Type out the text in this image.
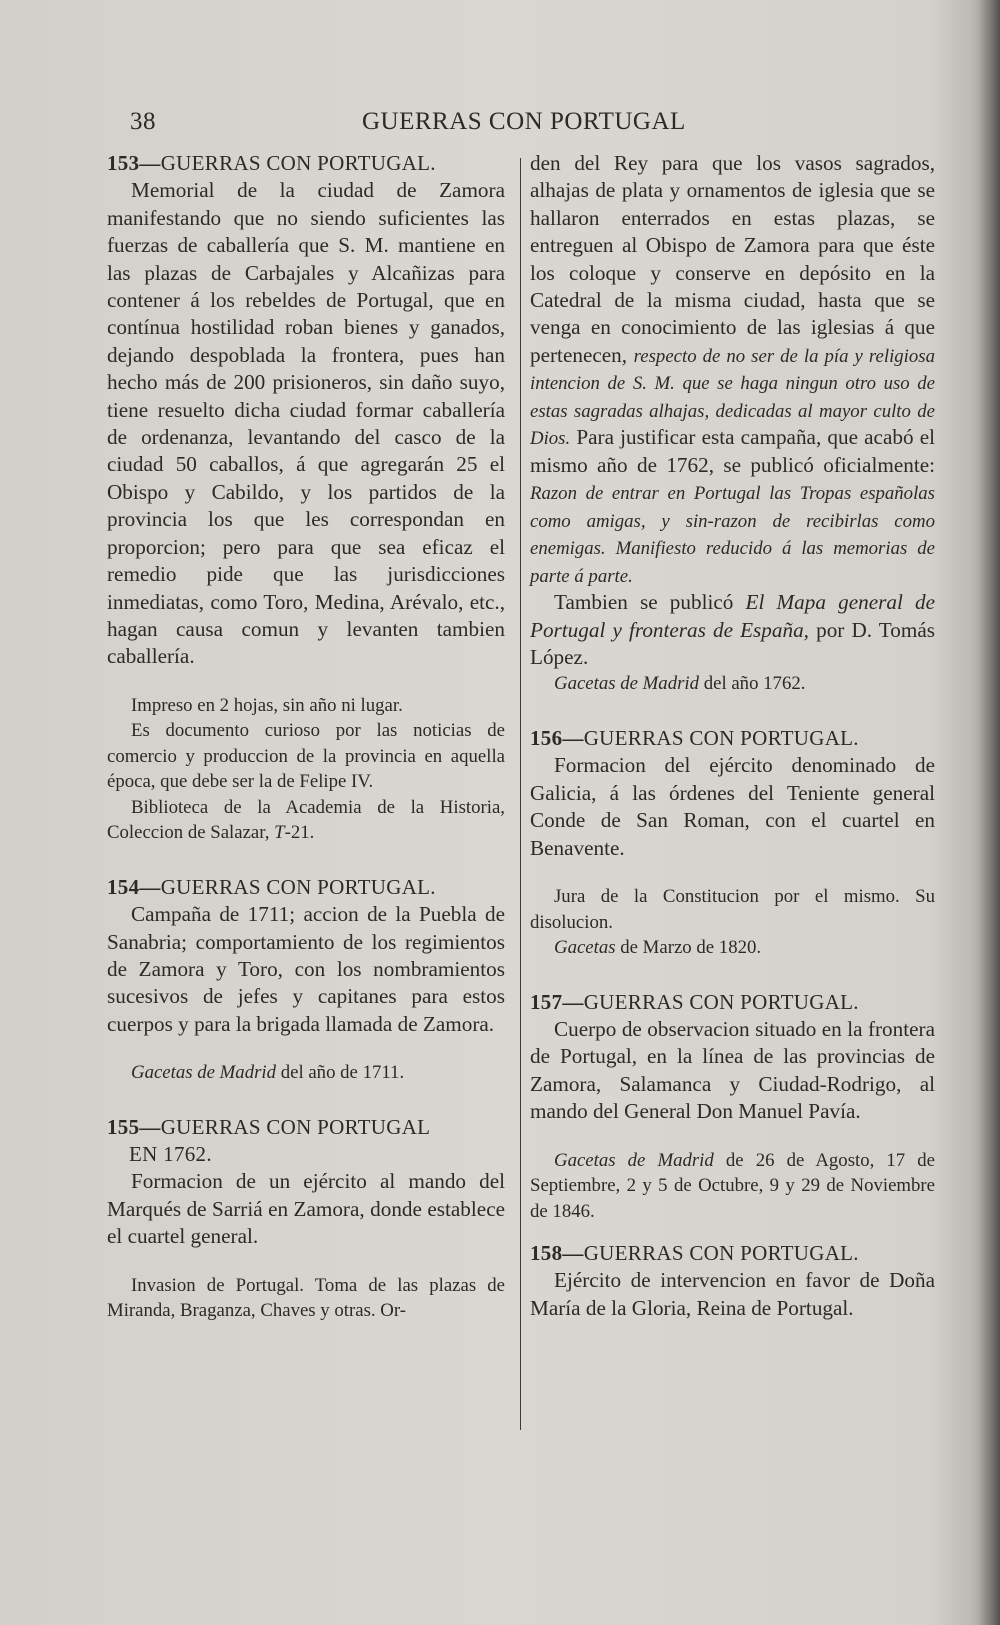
38	GUERRAS CON PORTUGAL

153—GUERRAS CON PORTUGAL.

Memorial de la ciudad de Zamora manifestando que no siendo suficientes las fuerzas de caballería que S. M. mantiene en las plazas de Carbajales y Alcañizas para contener á los rebeldes de Portugal, que en contínua hostilidad roban bienes y ganados, dejando despoblada la frontera, pues han hecho más de 200 prisioneros, sin daño suyo, tiene resuelto dicha ciudad formar caballería de ordenanza, levantando del casco de la ciudad 50 caballos, á que agregarán 25 el Obispo y Cabildo, y los partidos de la provincia los que les correspondan en proporcion; pero para que sea eficaz el remedio pide que las jurisdicciones inmediatas, como Toro, Medina, Arévalo, etc., hagan causa comun y levanten tambien caballería.

Impreso en 2 hojas, sin año ni lugar.

Es documento curioso por las noticias de comercio y produccion de la provincia en aquella época, que debe ser la de Felipe IV.

Biblioteca de la Academia de la Historia, Coleccion de Salazar, T-21.

154—GUERRAS CON PORTUGAL.

Campaña de 1711; accion de la Puebla de Sanabria; comportamiento de los regimientos de Zamora y Toro, con los nombramientos sucesivos de jefes y capitanes para estos cuerpos y para la brigada llamada de Zamora.

Gacetas de Madrid del año de 1711.

155—GUERRAS CON PORTUGAL

EN 1762.

Formacion de un ejército al mando del Marqués de Sarriá en Zamora, donde establece el cuartel general.

Invasion de Portugal. Toma de las plazas de Miranda, Braganza, Chaves y otras. Or-

den del Rey para que los vasos sagrados, alhajas de plata y ornamentos de iglesia que se hallaron enterrados en estas plazas, se entreguen al Obispo de Zamora para que éste los coloque y conserve en depósito en la Catedral de la misma ciudad, hasta que se venga en conocimiento de las iglesias á que pertenecen, respecto de no ser de la pía y religiosa intencion de S. M. que se haga ningun otro uso de estas sagradas alhajas, dedicadas al mayor culto de Dios. Para justificar esta campaña, que acabó el mismo año de 1762, se publicó oficialmente: Razon de entrar en Portugal las Tropas españolas como amigas, y sin-razon de recibirlas como enemigas. Manifiesto reducido á las memorias de parte á parte.

Tambien se publicó El Mapa general de Portugal y fronteras de España, por D. Tomás López.

Gacetas de Madrid del año 1762.

156—GUERRAS CON PORTUGAL.

Formacion del ejército denominado de Galicia, á las órdenes del Teniente general Conde de San Roman, con el cuartel en Benavente.

Jura de la Constitucion por el mismo. Su disolucion.

Gacetas de Marzo de 1820.

157—GUERRAS CON PORTUGAL.

Cuerpo de observacion situado en la frontera de Portugal, en la línea de las provincias de Zamora, Salamanca y Ciudad-Rodrigo, al mando del General Don Manuel Pavía.

Gacetas de Madrid de 26 de Agosto, 17 de Septiembre, 2 y 5 de Octubre, 9 y 29 de Noviembre de 1846.

158—GUERRAS CON PORTUGAL.

Ejército de intervencion en favor de Doña María de la Gloria, Reina de Portugal.
